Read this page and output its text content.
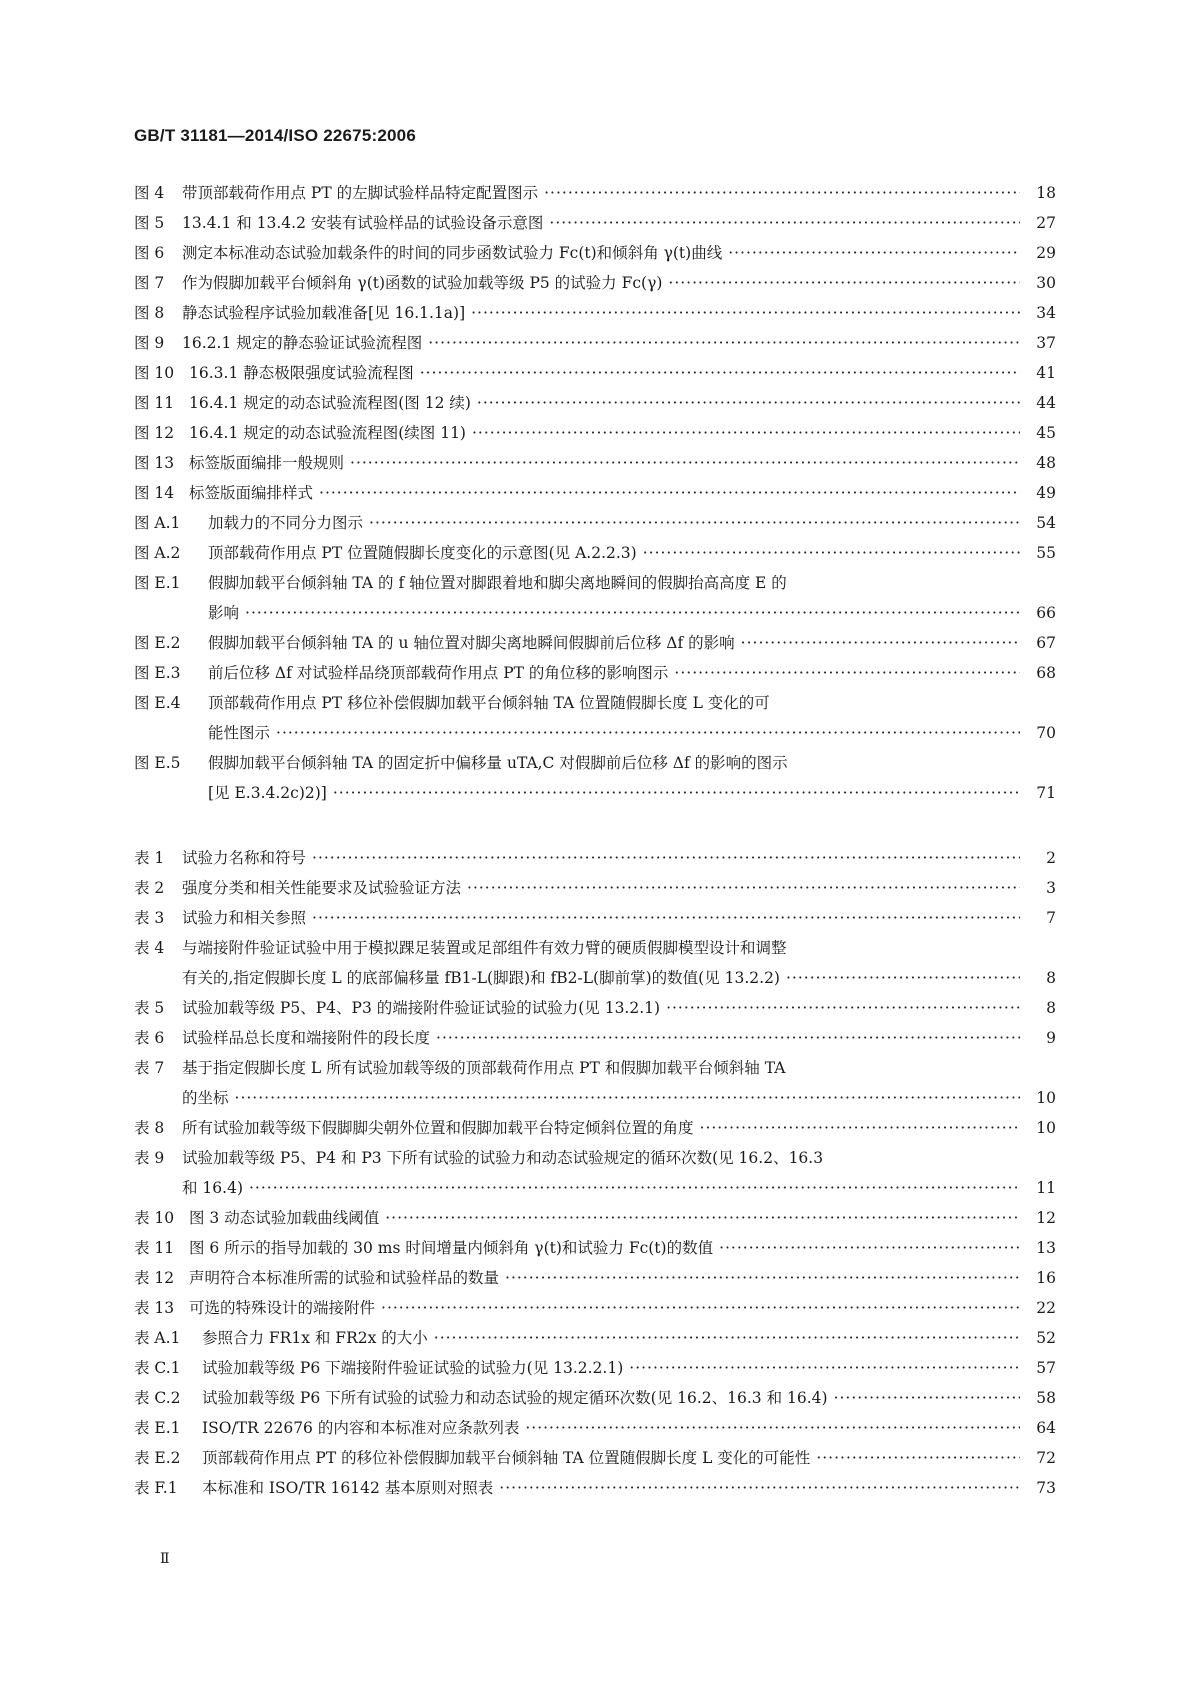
GB/T 31181—2014/ISO 22675:2006
图 4	带顶部载荷作用点 PT 的左脚试验样品特定配置图示 ·····	18
图 5	13.4.1 和 13.4.2 安装有试验样品的试验设备示意图 ·····	27
图 6	测定本标准动态试验加载条件的时间的同步函数试验力 Fc(t)和倾斜角 γ(t)曲线 ·····	29
图 7	作为假脚加载平台倾斜角 γ(t)函数的试验加载等级 P5 的试验力 Fc(γ) ·····	30
图 8	静态试验程序试验加载准备[见 16.1.1a)] ·····	34
图 9	16.2.1 规定的静态验证试验流程图 ·····	37
图 10 16.3.1 静态极限强度试验流程图 ·····	41
图 11 16.4.1 规定的动态试验流程图(图 12 续) ·····	44
图 12 16.4.1 规定的动态试验流程图(续图 11) ·····	45
图 13 标签版面编排一般规则 ·····	48
图 14 标签版面编排样式 ·····	49
图 A.1	加载力的不同分力图示 ·····	54
图 A.2	顶部载荷作用点 PT 位置随假脚长度变化的示意图(见 A.2.2.3) ·····	55
图 E.1	假脚加载平台倾斜轴 TA 的 f 轴位置对脚跟着地和脚尖离地瞬间的假脚抬高高度 E 的
影响 ·····	66
图 E.2	假脚加载平台倾斜轴 TA 的 u 轴位置对脚尖离地瞬间假脚前后位移 Δf 的影响 ·····	67
图 E.3	前后位移 Δf 对试验样品绕顶部载荷作用点 PT 的角位移的影响图示 ·····	68
图 E.4	顶部载荷作用点 PT 移位补偿假脚加载平台倾斜轴 TA 位置随假脚长度 L 变化的可
能性图示 ·····	70
图 E.5	假脚加载平台倾斜轴 TA 的固定折中偏移量 uTA,C 对假脚前后位移 Δf 的影响的图示
[见 E.3.4.2c)2)] ·····	71
表 1	试验力名称和符号 ·····	2
表 2	强度分类和相关性能要求及试验验证方法 ·····	3
表 3	试验力和相关参照 ·····	7
表 4	与端接附件验证试验中用于模拟踝足装置或足部组件有效力臂的硬质假脚模型设计和调整
有关的,指定假脚长度 L 的底部偏移量 fB1-L(脚跟)和 fB2-L(脚前掌)的数值(见 13.2.2) ·····	8
表 5	试验加载等级 P5、P4、P3 的端接附件验证试验的试验力(见 13.2.1) ·····	8
表 6	试验样品总长度和端接附件的段长度 ·····	9
表 7	基于指定假脚长度 L 所有试验加载等级的顶部载荷作用点 PT 和假脚加载平台倾斜轴 TA
的坐标 ·····	10
表 8	所有试验加载等级下假脚脚尖朝外位置和假脚加载平台特定倾斜位置的角度 ·····	10
表 9	试验加载等级 P5、P4 和 P3 下所有试验的试验力和动态试验规定的循环次数(见 16.2、16.3
和 16.4) ·····	11
表 10 图 3 动态试验加载曲线阈值 ·····	12
表 11 图 6 所示的指导加载的 30 ms 时间增量内倾斜角 γ(t)和试验力 Fc(t)的数值 ·····	13
表 12 声明符合本标准所需的试验和试验样品的数量 ·····	16
表 13 可选的特殊设计的端接附件 ·····	22
表 A.1	参照合力 FR1x 和 FR2x 的大小 ·····	52
表 C.1	试验加载等级 P6 下端接附件验证试验的试验力(见 13.2.2.1) ·····	57
表 C.2	试验加载等级 P6 下所有试验的试验力和动态试验的规定循环次数(见 16.2、16.3 和 16.4) ·····	58
表 E.1	ISO/TR 22676 的内容和本标准对应条款列表 ·····	64
表 E.2	顶部载荷作用点 PT 的移位补偿假脚加载平台倾斜轴 TA 位置随假脚长度 L 变化的可能性 ·····	72
表 F.1	本标准和 ISO/TR 16142 基本原则对照表 ·····	73
Ⅱ
